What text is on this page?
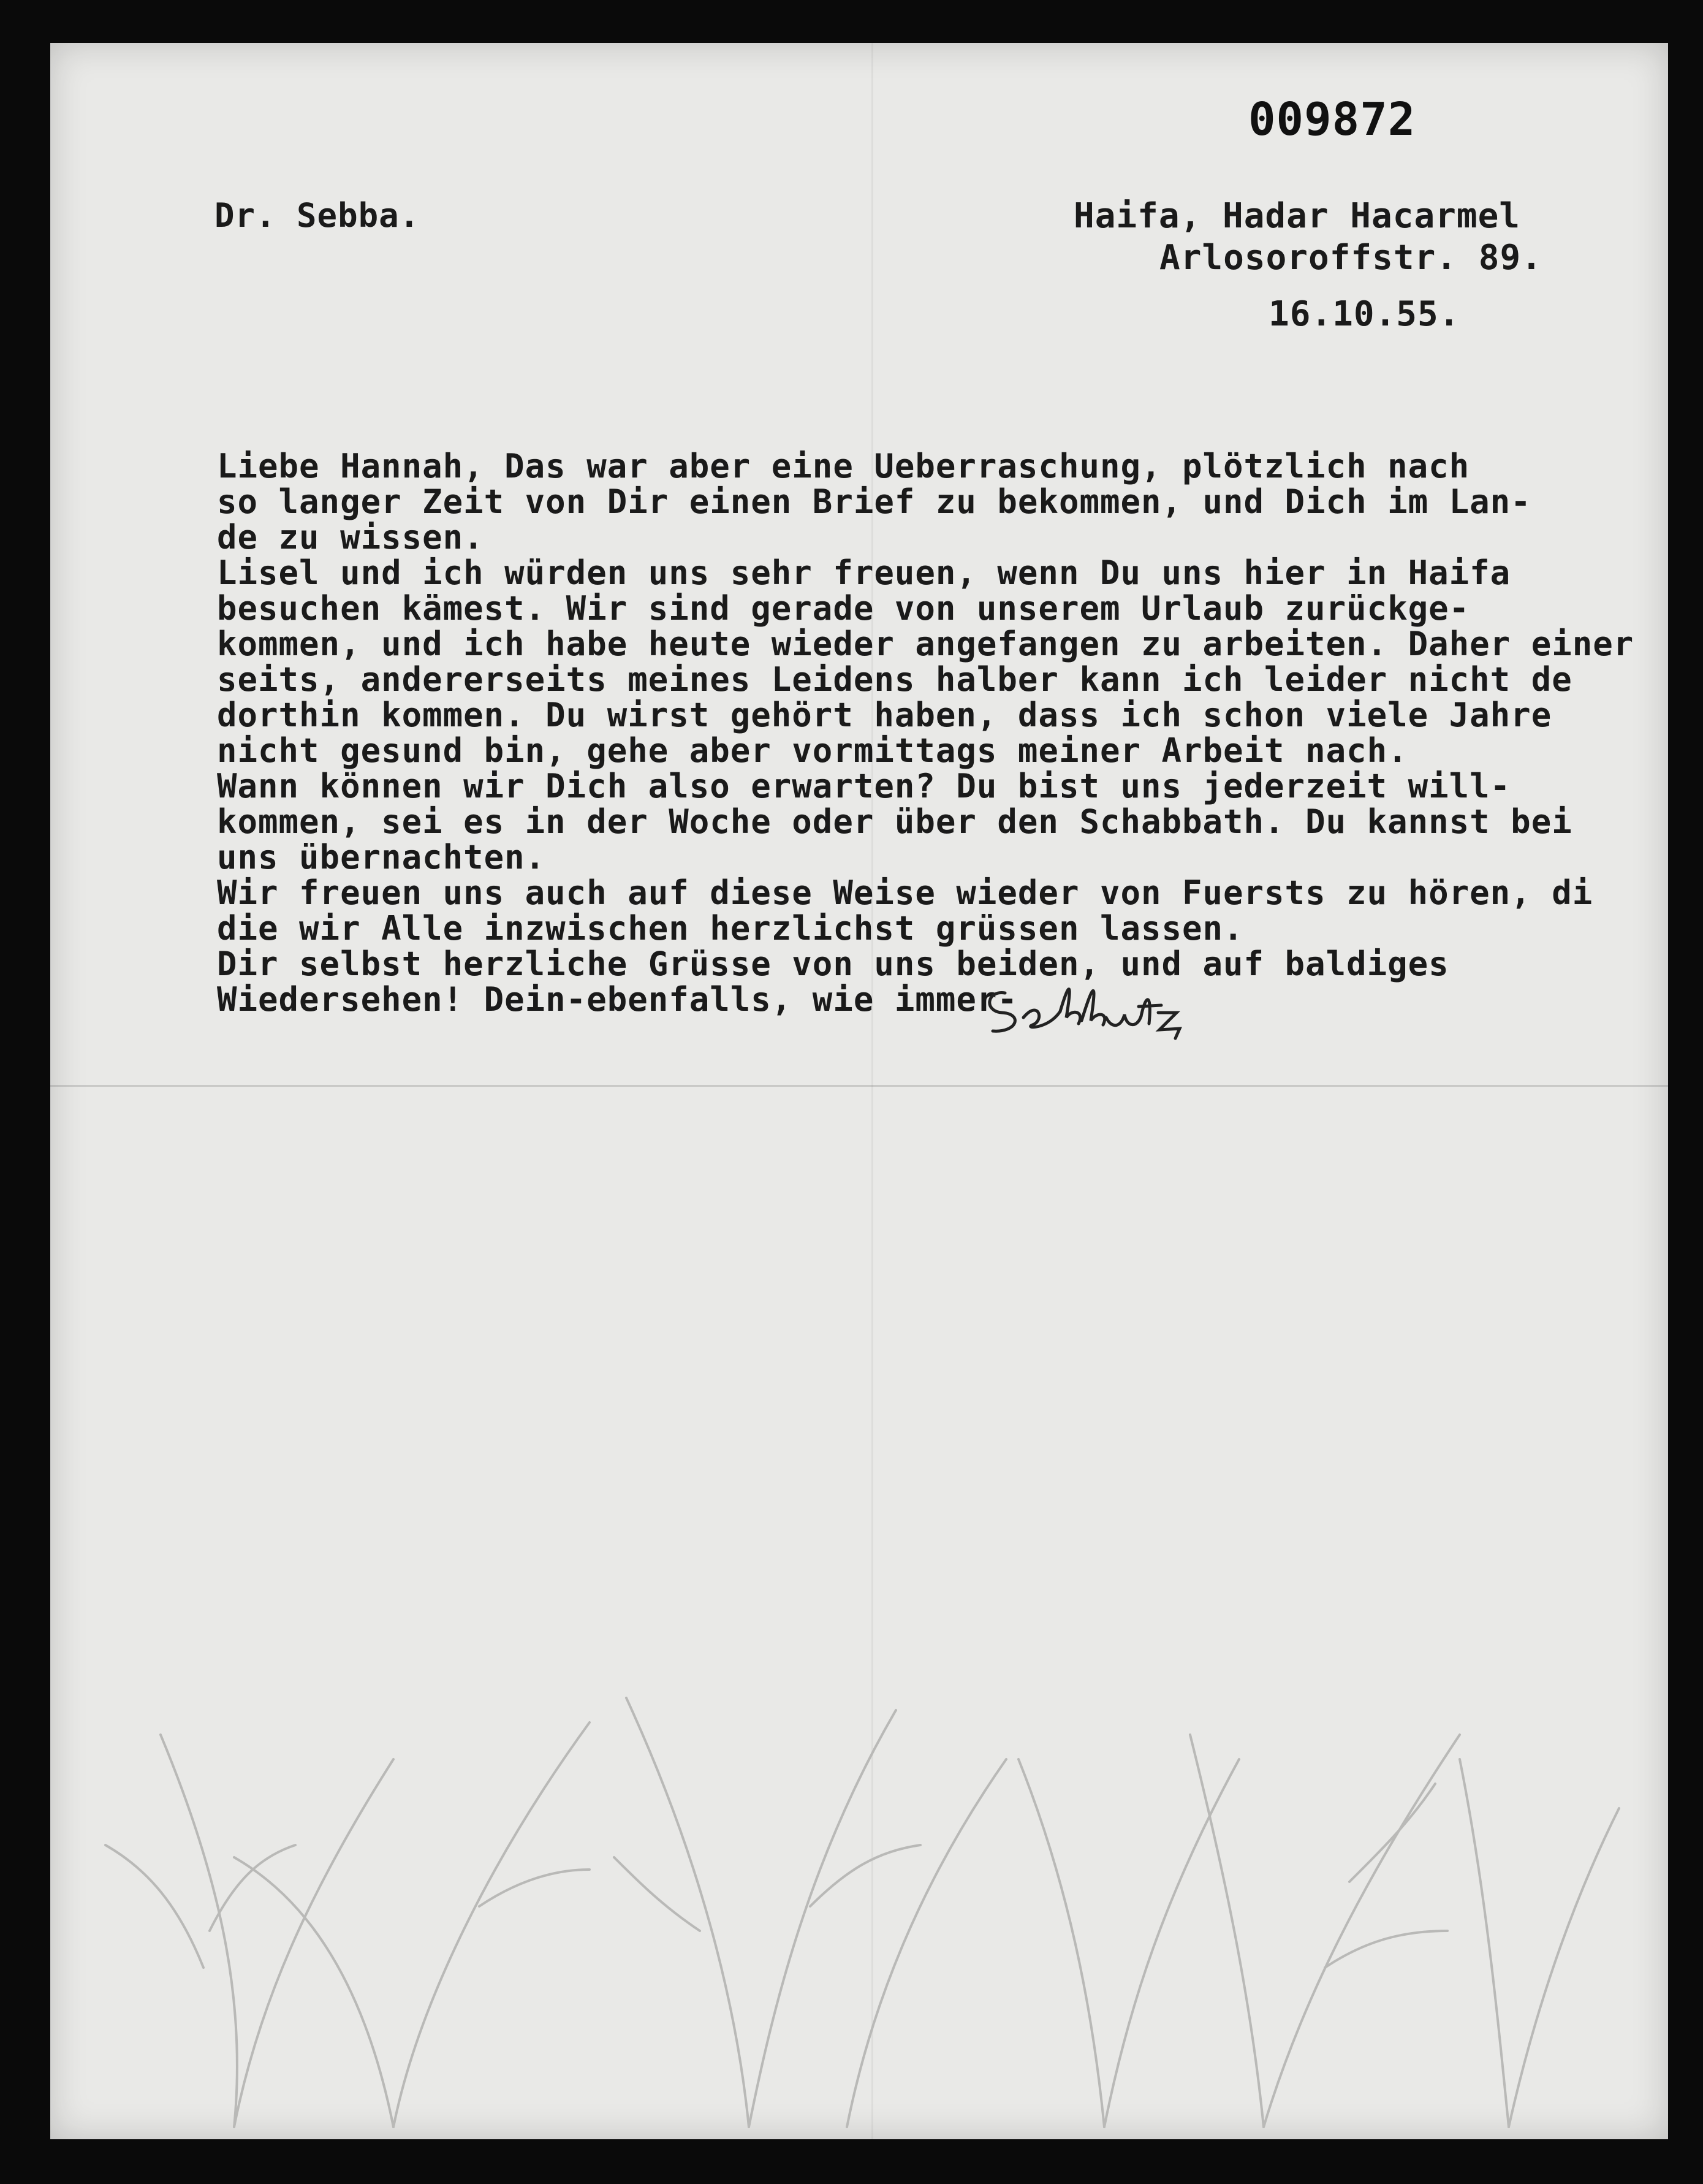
009872
Dr. Sebba.	Haifa, Hadar Hacarmel
Arlosoroffstr. 89.
16.10.55.
Liebe Hannah, Das war aber eine Ueberraschung, plötzlich nach
so langer Zeit von Dir einen Brief zu bekommen, und Dich im Lan-
de zu wissen.
Lisel und ich würden uns sehr freuen, wenn Du uns hier in Haifa
besuchen kämest. Wir sind gerade von unserem Urlaub zurückge-
kommen, und ich habe heute wieder angefangen zu arbeiten. Daher einer
seits, andererseits meines Leidens halber kann ich leider nicht de
dorthin kommen. Du wirst gehört haben, dass ich schon viele Jahre
nicht gesund bin, gehe aber vormittags meiner Arbeit nach.
Wann können wir Dich also erwarten? Du bist uns jederzeit will-
kommen, sei es in der Woche oder über den Schabbath. Du kannst bei
uns übernachten.
Wir freuen uns auch auf diese Weise wieder von Fuersts zu hören, di
die wir Alle inzwischen herzlichst grüssen lassen.
Dir selbst herzliche Grüsse von uns beiden, und auf baldiges
Wiedersehen! Dein-ebenfalls, wie immer-
